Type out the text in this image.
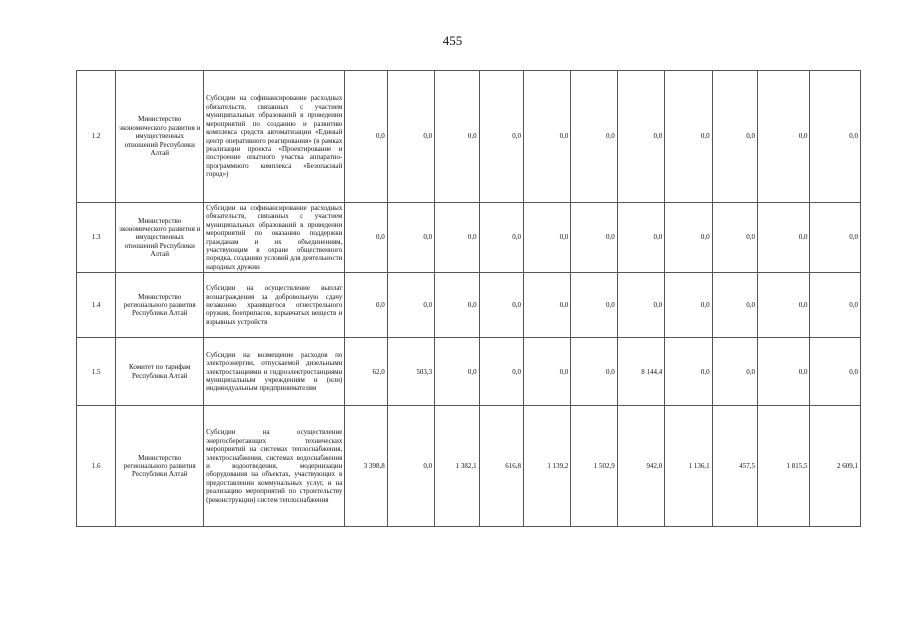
455
1.2	Министерство экономического развития и имущественных отношений Республики Алтай	Субсидии на софинансирование расходных обязательств, связанных с участием муниципальных образований в проведении мероприятий по созданию и развитию комплекса средств автоматизации «Единый центр оперативного реагирования» (в рамках реализации проекта «Проектирование и построение опытного участка аппаратно-программного комплекса «Безопасный город»)	0,0	0,0	0,0	0,0	0,0	0,0	0,0	0,0	0,0	0,0	0,0
1.3	Министерство экономического развития и имущественных отношений Республики Алтай	Субсидии на софинансирование расходных обязательств, связанных с участием муниципальных образований в проведении мероприятий по оказанию поддержки гражданам и их объединениям, участвующим в охране общественного порядка, созданию условий для деятельности народных дружин	0,0	0,0	0,0	0,0	0,0	0,0	0,0	0,0	0,0	0,0	0,0
1.4	Министерство регионального развития Республики Алтай	Субсидии на осуществление выплат вознаграждения за добровольную сдачу незаконно хранящегося огнестрельного оружия, боеприпасов, взрывчатых веществ и взрывных устройств	0,0	0,0	0,0	0,0	0,0	0,0	0,0	0,0	0,0	0,0	0,0
1.5	Комитет по тарифам Республики Алтай	Субсидии на возмещение расходов по электроэнергии, отпускаемой дизельными электростанциями и гидроэлектростанциями муниципальным учреждениям и (или) индивидуальным предпринимателям	62,0	503,3	0,0	0,0	0,0	0,0	8 144,4	0,0	0,0	0,0	0,0
1.6	Министерство регионального развития Республики Алтай	Субсидии на осуществление энергосберегающих технических мероприятий на системах теплоснабжения, электроснабжения, системах водоснабжения и водоотведения, модернизации оборудования на объектах, участвующих в предоставлении коммунальных услуг, и на реализацию мероприятий по строительству (реконструкции) систем теплоснабжения	3 398,8	0,0	1 382,1	616,8	1 139,2	1 502,9	942,0	1 136,1	457,5	1 815,5	2 609,1
